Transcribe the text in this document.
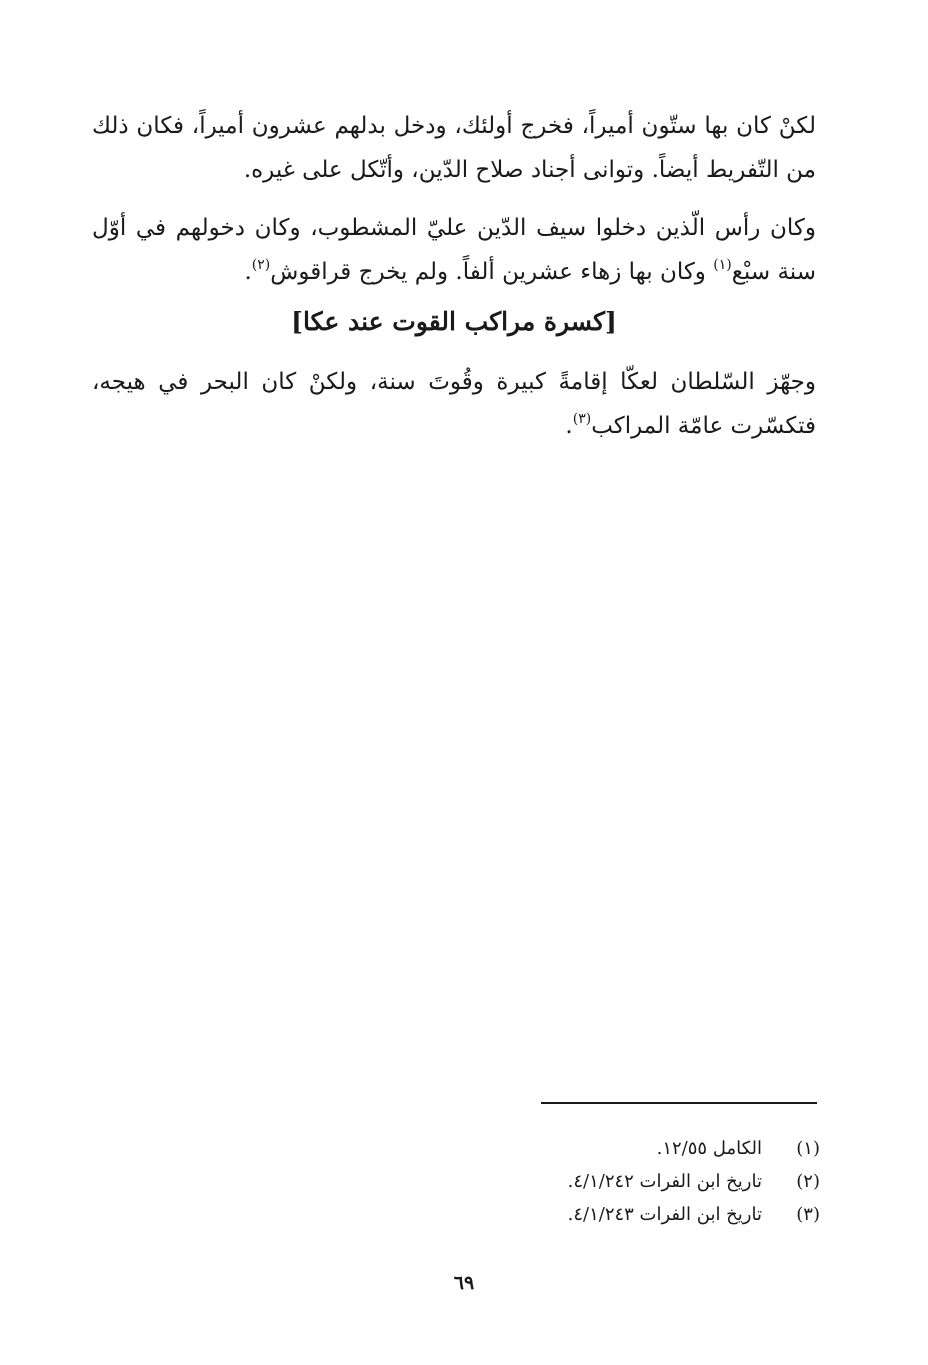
لكنْ كان بها ستّون أميراً، فخرج أولئك، ودخل بدلهم عشرون أميراً، فكان ذلك من التّفريط أيضاً. وتوانى أجناد صلاح الدّين، وأتّكل على غيره.

وكان رأس الّذين دخلوا سيف الدّين عليّ المشطوب، وكان دخولهم في أوّل سنة سبْع$^{(١)}$ وكان بها زهاء عشرين ألفاً. ولم يخرج قراقوش$^{(٢)}$.

[كسرة مراكب القوت عند عكا]

وجهّز السّلطان لعكّا إقامةً كبيرة وقُوتَ سنة، ولكنْ كان البحر في هيجه، فتكسّرت عامّة المراكب$^{(٣)}$.

(١)
الكامل ١٢/٥٥.
(٢)
تاريخ ابن الفرات ٤/١/٢٤٢.
(٣)
تاريخ ابن الفرات ٤/١/٢٤٣.
٦٩
